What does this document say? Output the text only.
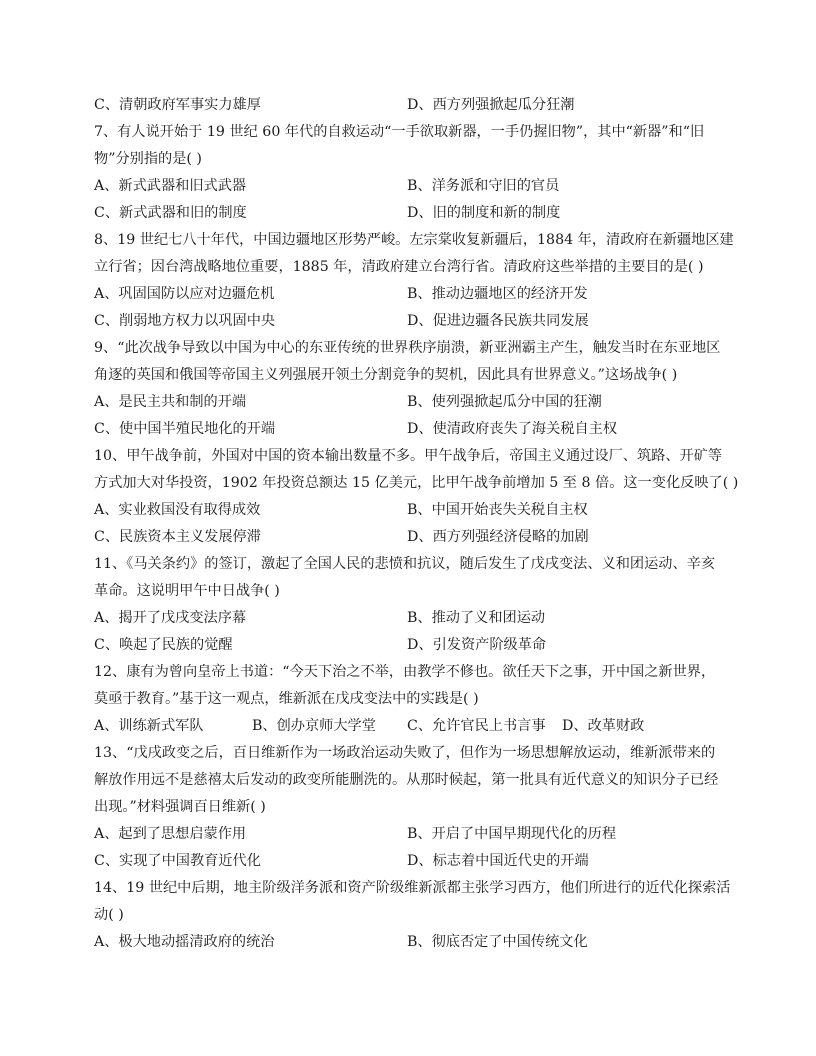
C、清朝政府军事实力雄厚	D、西方列强掀起瓜分狂潮
7、有人说开始于 19 世纪 60 年代的自救运动“一手欲取新器，一手仍握旧物”，其中“新器”和“旧
物”分别指的是( )
A、新式武器和旧式武器	B、洋务派和守旧的官员
C、新式武器和旧的制度	D、旧的制度和新的制度
8、19 世纪七八十年代，中国边疆地区形势严峻。左宗棠收复新疆后，1884 年，清政府在新疆地区建
立行省；因台湾战略地位重要，1885 年，清政府建立台湾行省。清政府这些举措的主要目的是( )
A、巩固国防以应对边疆危机	B、推动边疆地区的经济开发
C、削弱地方权力以巩固中央	D、促进边疆各民族共同发展
9、“此次战争导致以中国为中心的东亚传统的世界秩序崩溃，新亚洲霸主产生，触发当时在东亚地区
角逐的英国和俄国等帝国主义列强展开领土分割竞争的契机，因此具有世界意义。”这场战争( )
A、是民主共和制的开端	B、使列强掀起瓜分中国的狂潮
C、使中国半殖民地化的开端	D、使清政府丧失了海关税自主权
10、甲午战争前，外国对中国的资本输出数量不多。甲午战争后，帝国主义通过设厂、筑路、开矿等
方式加大对华投资，1902 年投资总额达 15 亿美元，比甲午战争前增加 5 至 8 倍。这一变化反映了( )
A、实业救国没有取得成效	B、中国开始丧失关税自主权
C、民族资本主义发展停滞	D、西方列强经济侵略的加剧
11、《马关条约》的签订，激起了全国人民的悲愤和抗议，随后发生了戊戌变法、义和团运动、辛亥
革命。这说明甲午中日战争( )
A、揭开了戊戌变法序幕	B、推动了义和团运动
C、唤起了民族的觉醒	D、引发资产阶级革命
12、康有为曾向皇帝上书道：“今天下治之不举，由教学不修也。欲任天下之事，开中国之新世界，
莫亟于教育。”基于这一观点，维新派在戊戌变法中的实践是( )
A、训练新式军队	B、创办京师大学堂	C、允许官民上书言事	D、改革财政
13、“戊戌政变之后，百日维新作为一场政治运动失败了，但作为一场思想解放运动，维新派带来的
解放作用远不是慈禧太后发动的政变所能删洗的。从那时候起，第一批具有近代意义的知识分子已经
出现。”材料强调百日维新( )
A、起到了思想启蒙作用	B、开启了中国早期现代化的历程
C、实现了中国教育近代化	D、标志着中国近代史的开端
14、19 世纪中后期，地主阶级洋务派和资产阶级维新派都主张学习西方，他们所进行的近代化探索活
动( )
A、极大地动摇清政府的统治	B、彻底否定了中国传统文化
